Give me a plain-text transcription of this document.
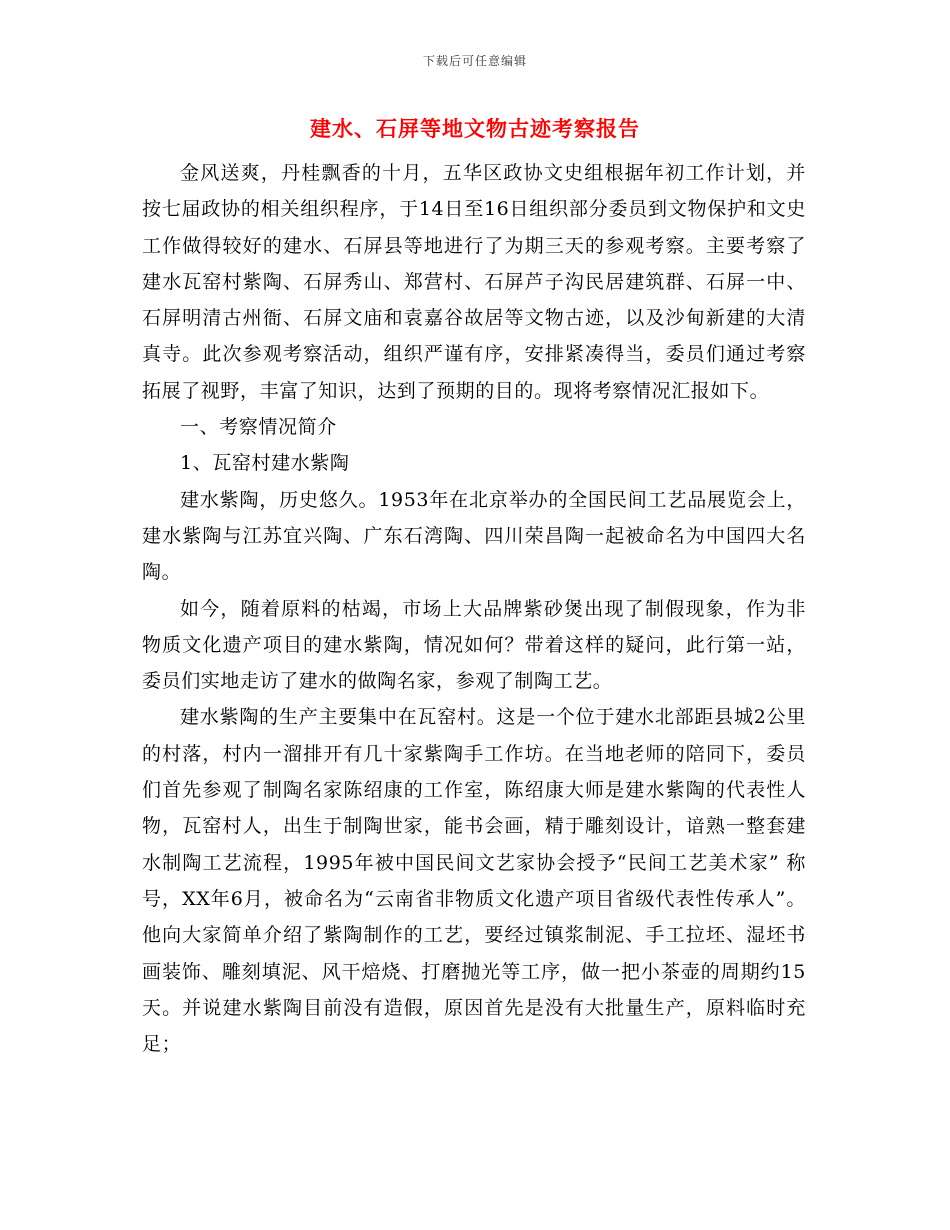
下载后可任意编辑
建水、石屏等地文物古迹考察报告

金风送爽，丹桂飘香的十月，五华区政协文史组根据年初工作计划，并按七届政协的相关组织程序，于14日至16日组织部分委员到文物保护和文史工作做得较好的建水、石屏县等地进行了为期三天的参观考察。主要考察了建水瓦窑村紫陶、石屏秀山、郑营村、石屏芦子沟民居建筑群、石屏一中、石屏明清古州衙、石屏文庙和袁嘉谷故居等文物古迹，以及沙甸新建的大清真寺。此次参观考察活动，组织严谨有序，安排紧凑得当，委员们通过考察拓展了视野，丰富了知识，达到了预期的目的。现将考察情况汇报如下。

一、考察情况简介

1、瓦窑村建水紫陶

建水紫陶，历史悠久。1953年在北京举办的全国民间工艺品展览会上，建水紫陶与江苏宜兴陶、广东石湾陶、四川荣昌陶一起被命名为中国四大名陶。

如今，随着原料的枯竭，市场上大品牌紫砂煲出现了制假现象，作为非物质文化遗产项目的建水紫陶，情况如何？带着这样的疑问，此行第一站，委员们实地走访了建水的做陶名家，参观了制陶工艺。

建水紫陶的生产主要集中在瓦窑村。这是一个位于建水北部距县城2公里的村落，村内一溜排开有几十家紫陶手工作坊。在当地老师的陪同下，委员们首先参观了制陶名家陈绍康的工作室，陈绍康大师是建水紫陶的代表性人物，瓦窑村人，出生于制陶世家，能书会画，精于雕刻设计，谙熟一整套建水制陶工艺流程，1995年被中国民间文艺家协会授予“民间工艺美术家” 称号，XX年6月，被命名为“云南省非物质文化遗产项目省级代表性传承人”。他向大家简单介绍了紫陶制作的工艺，要经过镇浆制泥、手工拉坯、湿坯书画装饰、雕刻填泥、风干焙烧、打磨抛光等工序，做一把小茶壶的周期约15天。并说建水紫陶目前没有造假，原因首先是没有大批量生产，原料临时充足；
